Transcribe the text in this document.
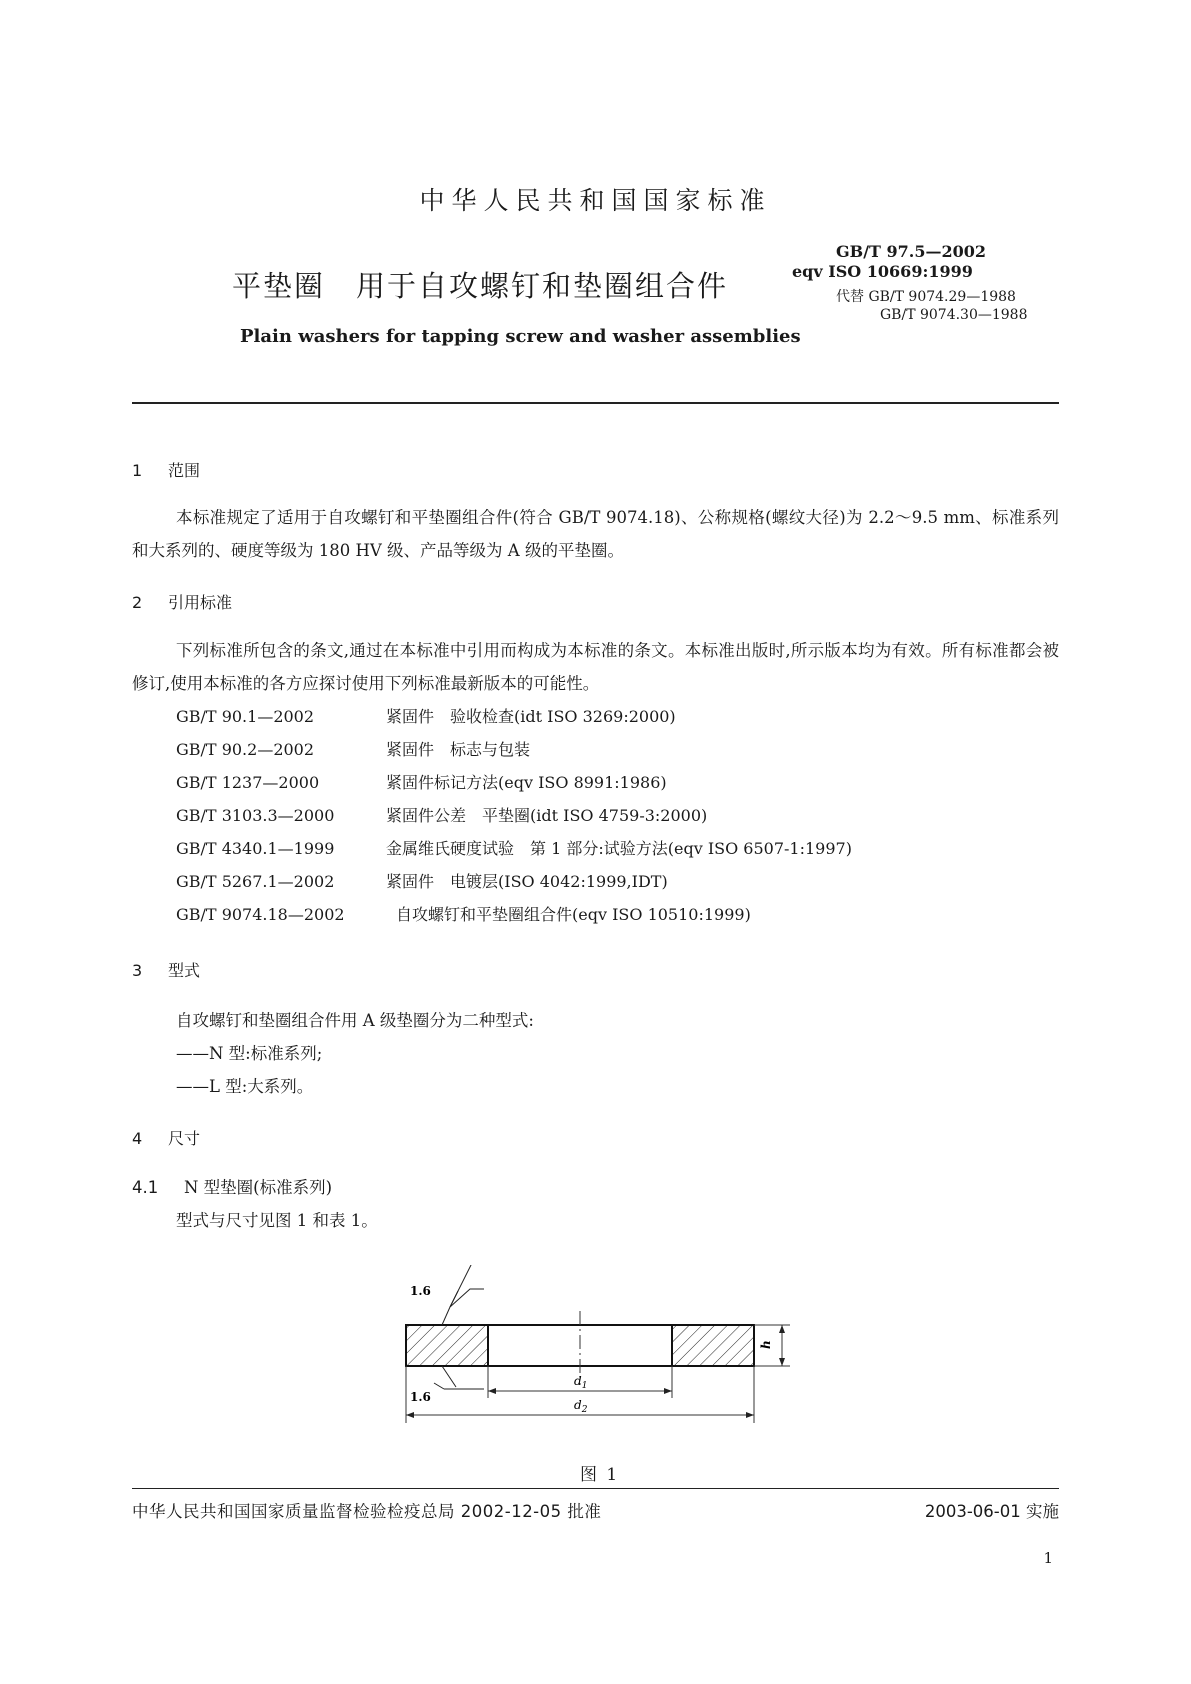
中华人民共和国国家标准
平垫圈　用于自攻螺钉和垫圈组合件
Plain washers for tapping screw and washer assemblies
GB/T 97.5—2002
eqv ISO 10669:1999
代替 GB/T 9074.29—1988
GB/T 9074.30—1988
1 范围
本标准规定了适用于自攻螺钉和平垫圈组合件(符合 GB/T 9074.18)、公称规格(螺纹大径)为 2.2～9.5 mm、标准系列和大系列的、硬度等级为 180 HV 级、产品等级为 A 级的平垫圈。
2 引用标准
下列标准所包含的条文,通过在本标准中引用而构成为本标准的条文。本标准出版时,所示版本均为有效。所有标准都会被修订,使用本标准的各方应探讨使用下列标准最新版本的可能性。
GB/T 90.1—2002	紧固件　验收检查(idt ISO 3269:2000)
GB/T 90.2—2002	紧固件　标志与包装
GB/T 1237—2000	紧固件标记方法(eqv ISO 8991:1986)
GB/T 3103.3—2000	紧固件公差　平垫圈(idt ISO 4759-3:2000)
GB/T 4340.1—1999	金属维氏硬度试验　第 1 部分:试验方法(eqv ISO 6507-1:1997)
GB/T 5267.1—2002	紧固件　电镀层(ISO 4042:1999,IDT)
GB/T 9074.18—2002	自攻螺钉和平垫圈组合件(eqv ISO 10510:1999)
3 型式
自攻螺钉和垫圈组合件用 A 级垫圈分为二种型式:
——N 型:标准系列;
——L 型:大系列。
4 尺寸
4.1 N 型垫圈(标准系列)
型式与尺寸见图 1 和表 1。
1.6
1.6
h
$d_1$
$d_2$
图 1
中华人民共和国国家质量监督检验检疫总局 2002-12-05 批准	2003-06-01 实施
1
